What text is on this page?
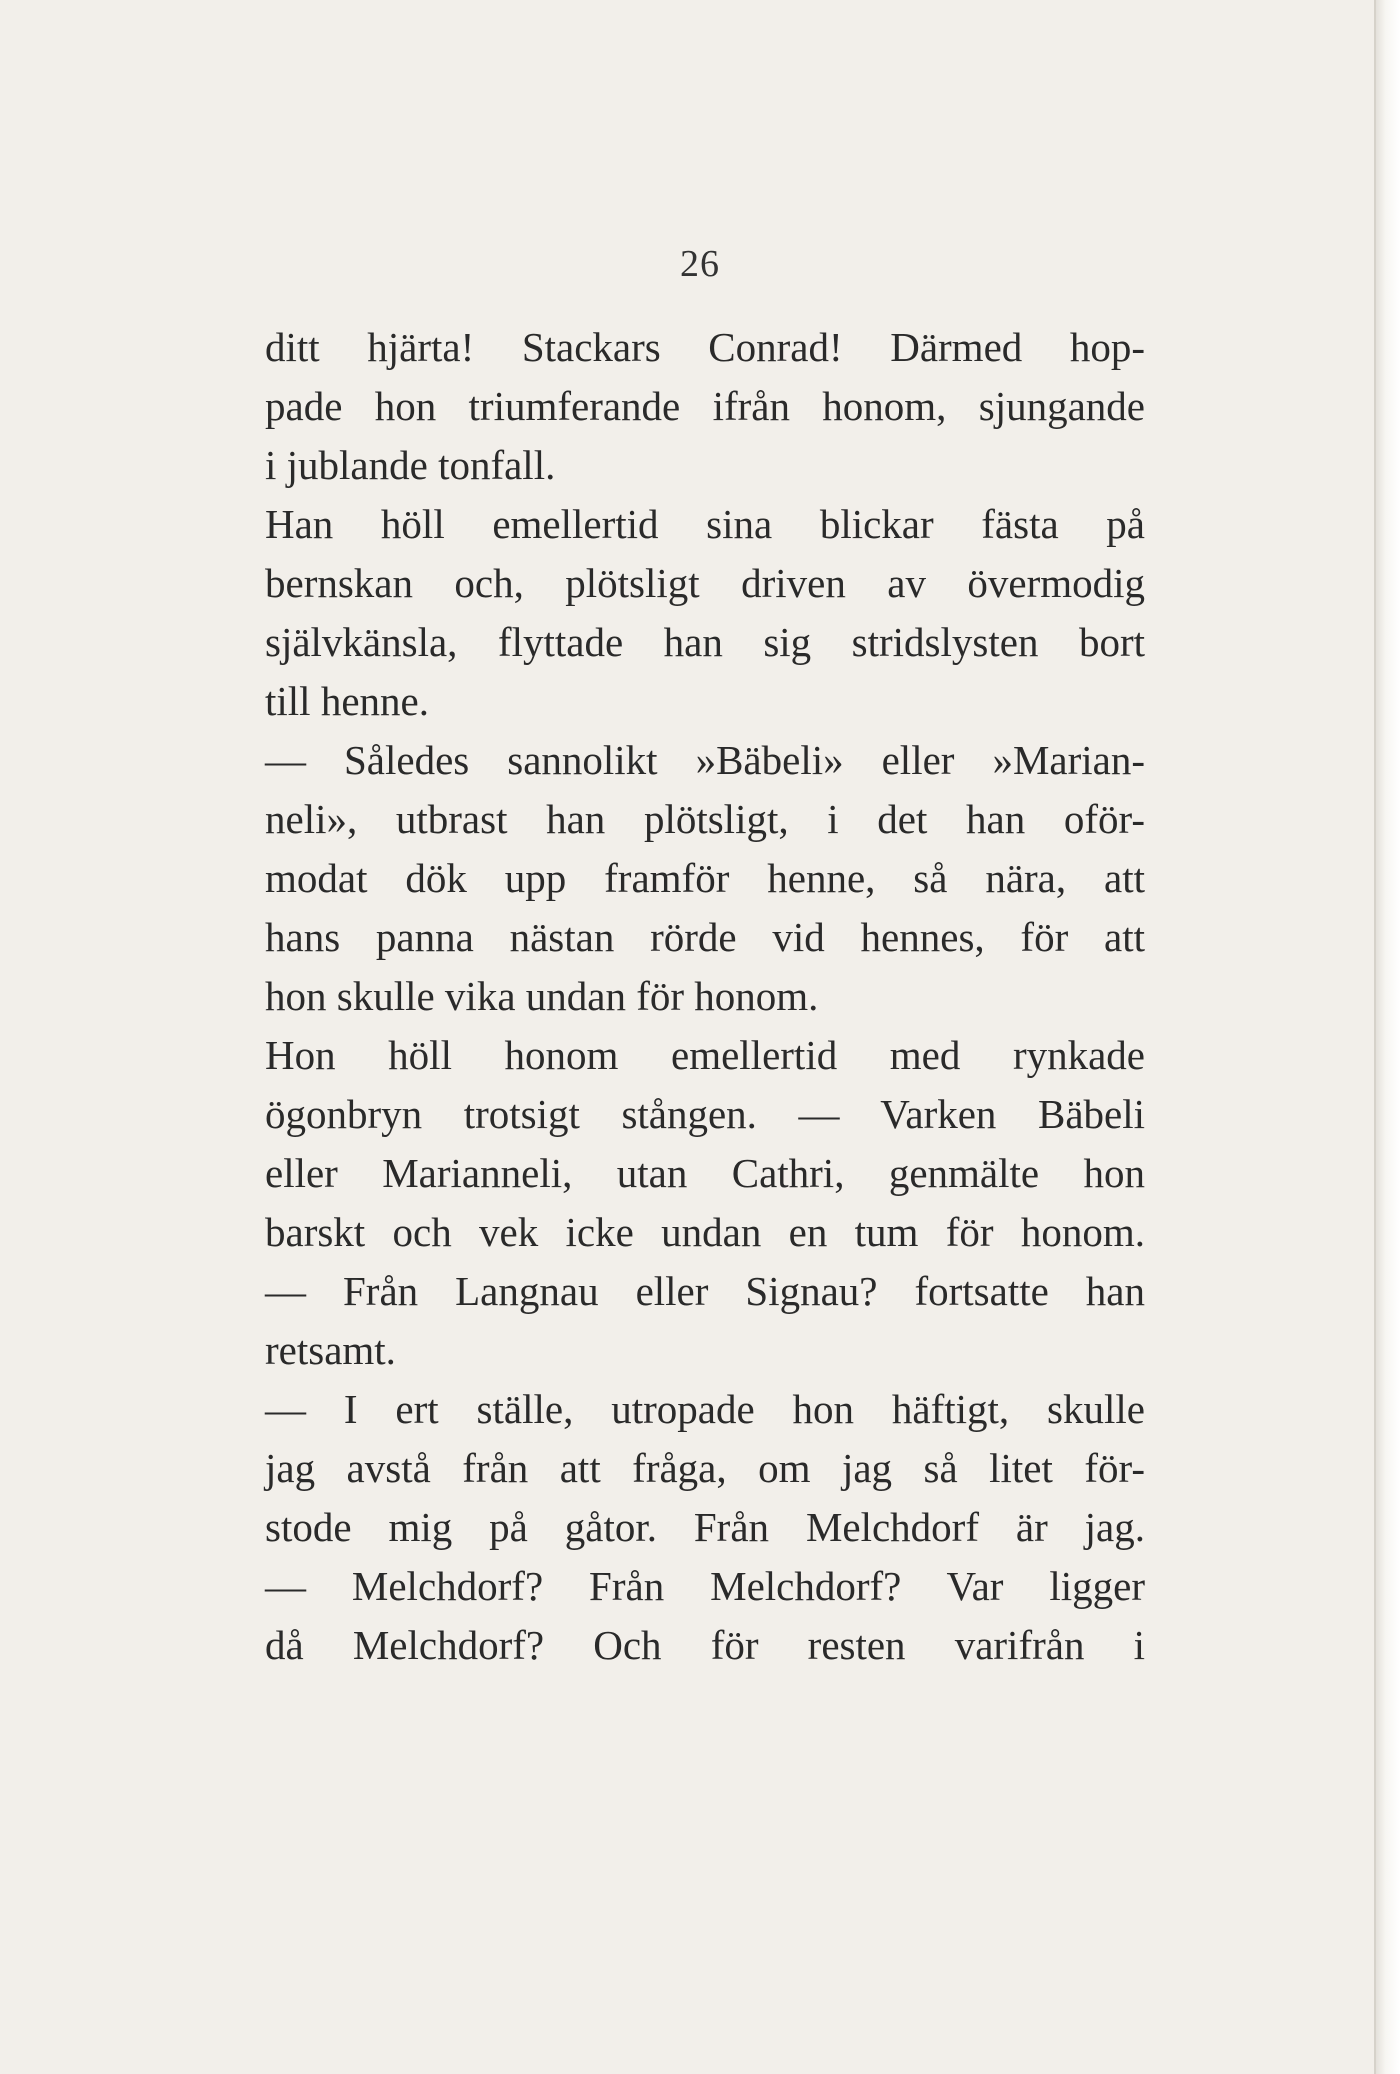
26
ditt hjärta! Stackars Conrad! Därmed hop-
pade hon triumferande ifrån honom, sjungande
i jublande tonfall.
Han höll emellertid sina blickar fästa på
bernskan och, plötsligt driven av övermodig
självkänsla, flyttade han sig stridslysten bort
till henne.
— Således sannolikt »Bäbeli» eller »Marian-
neli», utbrast han plötsligt, i det han oför-
modat dök upp framför henne, så nära, att
hans panna nästan rörde vid hennes, för att
hon skulle vika undan för honom.
Hon höll honom emellertid med rynkade
ögonbryn trotsigt stången. — Varken Bäbeli
eller Marianneli, utan Cathri, genmälte hon
barskt och vek icke undan en tum för honom.
— Från Langnau eller Signau? fortsatte han
retsamt.
— I ert ställe, utropade hon häftigt, skulle
jag avstå från att fråga, om jag så litet för-
stode mig på gåtor. Från Melchdorf är jag.
— Melchdorf? Från Melchdorf? Var ligger
då Melchdorf? Och för resten varifrån i
